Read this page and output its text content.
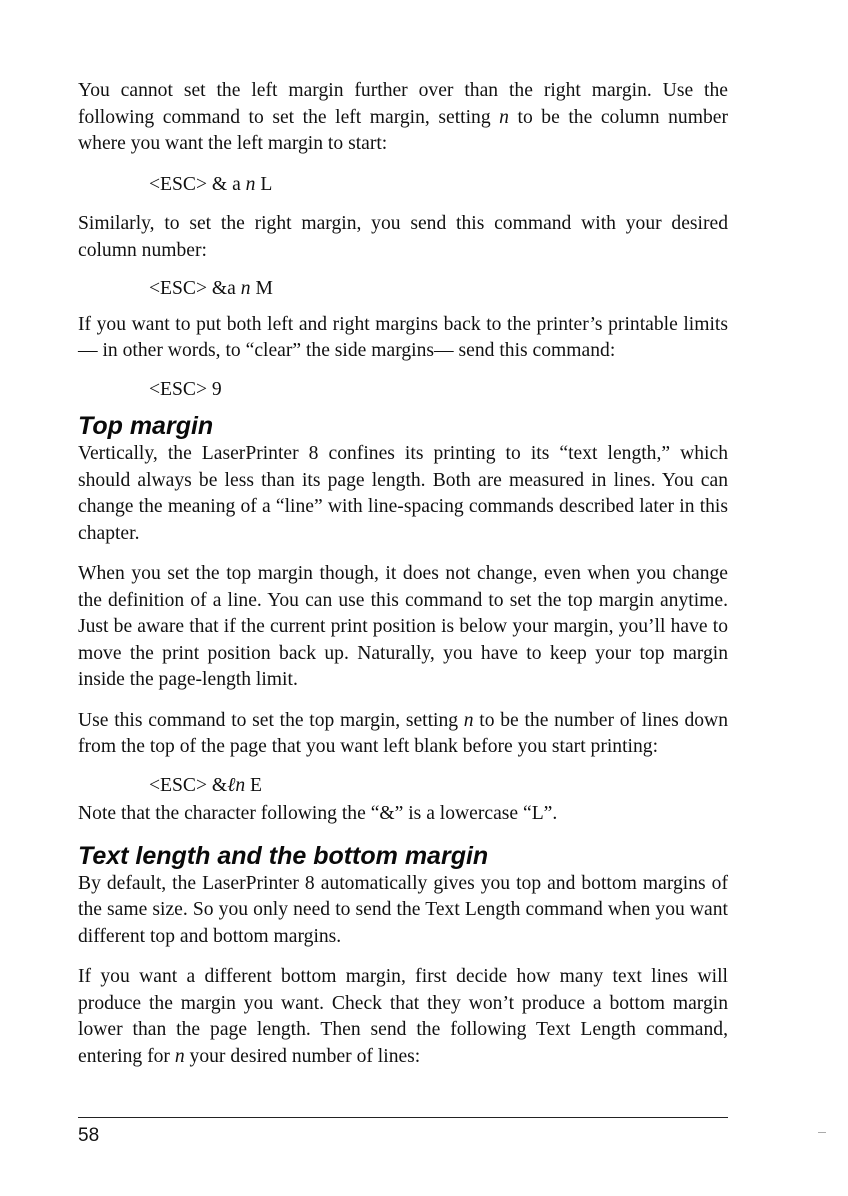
You cannot set the left margin further over than the right margin. Use the following command to set the left margin, setting n to be the column number where you want the left margin to start:

<ESC> & a n L

Similarly, to set the right margin, you send this command with your desired column number:

<ESC> &a n M

If you want to put both left and right margins back to the printer’s printable limits— in other words, to “clear” the side margins— send this command:

<ESC> 9
Top margin

Vertically, the LaserPrinter 8 confines its printing to its “text length,” which should always be less than its page length. Both are measured in lines. You can change the meaning of a “line” with line-spacing commands described later in this chapter.

When you set the top margin though, it does not change, even when you change the definition of a line. You can use this command to set the top margin anytime. Just be aware that if the current print position is below your margin, you’ll have to move the print position back up. Naturally, you have to keep your top margin inside the page-length limit.

Use this command to set the top margin, setting n to be the number of lines down from the top of the page that you want left blank before you start printing:

<ESC> &ℓn E

Note that the character following the “&” is a lowercase “L”.

Text length and the bottom margin

By default, the LaserPrinter 8 automatically gives you top and bottom margins of the same size. So you only need to send the Text Length command when you want different top and bottom margins.

If you want a different bottom margin, first decide how many text lines will produce the margin you want. Check that they won’t produce a bottom margin lower than the page length. Then send the following Text Length command, entering for n your desired number of lines:

58
